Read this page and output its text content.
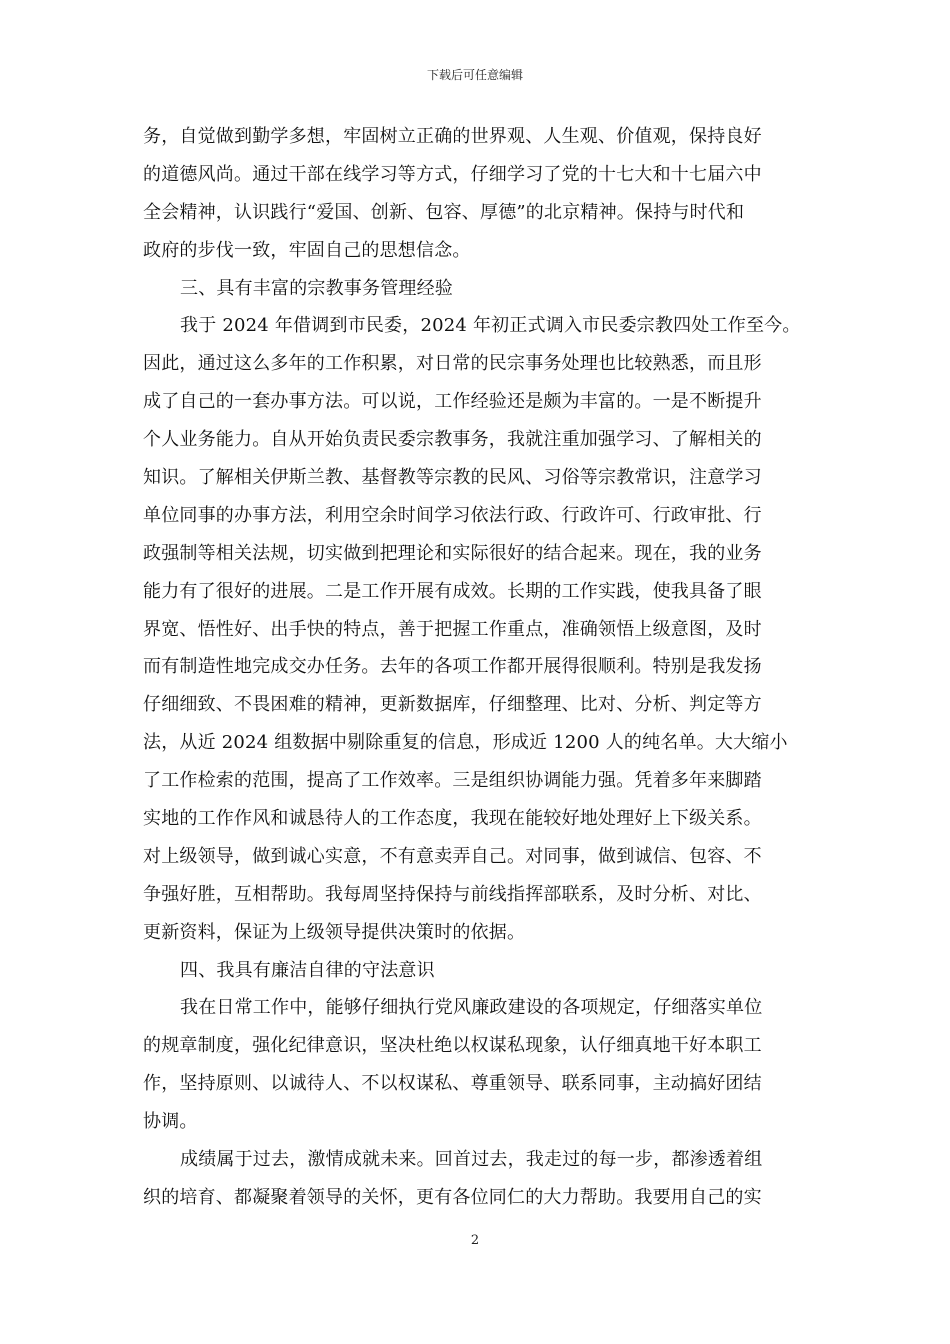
下载后可任意编辑
务，自觉做到勤学多想，牢固树立正确的世界观、人生观、价值观，保持良好
的道德风尚。通过干部在线学习等方式，仔细学习了党的十七大和十七届六中
全会精神，认识践行“爱国、创新、包容、厚德”的北京精神。保持与时代和
政府的步伐一致，牢固自己的思想信念。
三、具有丰富的宗教事务管理经验
我于 2024 年借调到市民委，2024 年初正式调入市民委宗教四处工作至今。
因此，通过这么多年的工作积累，对日常的民宗事务处理也比较熟悉，而且形
成了自己的一套办事方法。可以说，工作经验还是颇为丰富的。一是不断提升
个人业务能力。自从开始负责民委宗教事务，我就注重加强学习、了解相关的
知识。了解相关伊斯兰教、基督教等宗教的民风、习俗等宗教常识，注意学习
单位同事的办事方法，利用空余时间学习依法行政、行政许可、行政审批、行
政强制等相关法规，切实做到把理论和实际很好的结合起来。现在，我的业务
能力有了很好的进展。二是工作开展有成效。长期的工作实践，使我具备了眼
界宽、悟性好、出手快的特点，善于把握工作重点，准确领悟上级意图，及时
而有制造性地完成交办任务。去年的各项工作都开展得很顺利。特别是我发扬
仔细细致、不畏困难的精神，更新数据库，仔细整理、比对、分析、判定等方
法，从近 2024 组数据中剔除重复的信息，形成近 1200 人的纯名单。大大缩小
了工作检索的范围，提高了工作效率。三是组织协调能力强。凭着多年来脚踏
实地的工作作风和诚恳待人的工作态度，我现在能较好地处理好上下级关系。
对上级领导，做到诚心实意，不有意卖弄自己。对同事，做到诚信、包容、不
争强好胜，互相帮助。我每周坚持保持与前线指挥部联系，及时分析、对比、
更新资料，保证为上级领导提供决策时的依据。
四、我具有廉洁自律的守法意识
我在日常工作中，能够仔细执行党风廉政建设的各项规定，仔细落实单位
的规章制度，强化纪律意识，坚决杜绝以权谋私现象，认仔细真地干好本职工
作，坚持原则、以诚待人、不以权谋私、尊重领导、联系同事，主动搞好团结
协调。
成绩属于过去，激情成就未来。回首过去，我走过的每一步，都渗透着组
织的培育、都凝聚着领导的关怀，更有各位同仁的大力帮助。我要用自己的实
2
